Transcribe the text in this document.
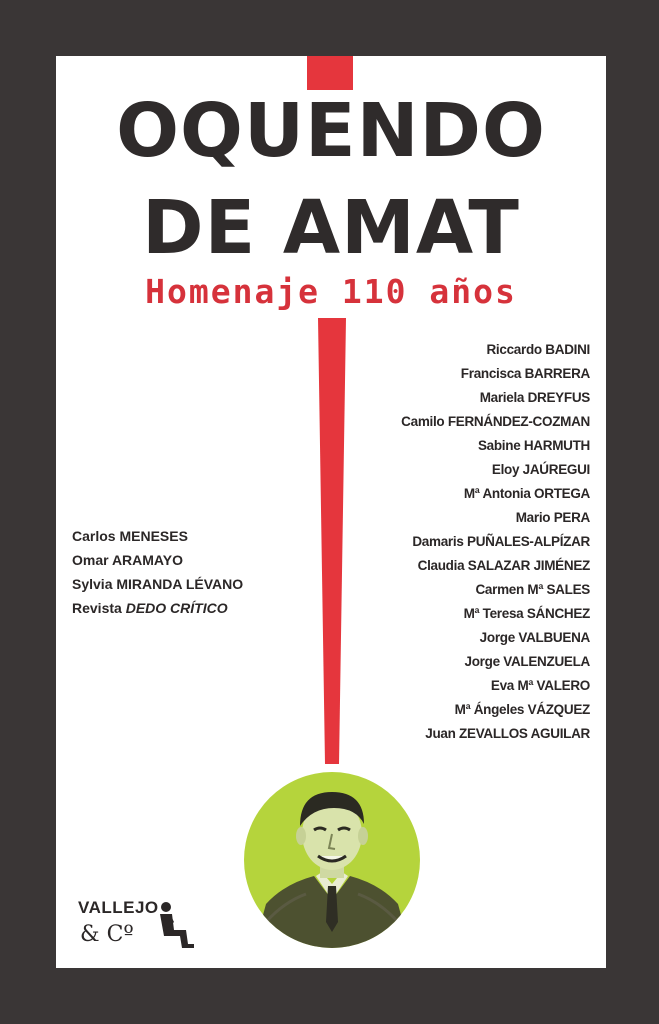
OQUENDO
DE AMAT
Homenaje 110 años
Riccardo BADINI
Francisca BARRERA
Mariela DREYFUS
Camilo FERNÁNDEZ-COZMAN
Sabine HARMUTH
Eloy JAÚREGUI
Mª Antonia ORTEGA
Mario PERA
Damaris PUÑALES-ALPÍZAR
Claudia SALAZAR JIMÉNEZ
Carmen Mª SALES
Mª Teresa SÁNCHEZ
Jorge VALBUENA
Jorge VALENZUELA
Eva Mª VALERO
Mª Ángeles VÁZQUEZ
Juan ZEVALLOS AGUILAR
Carlos MENESES
Omar ARAMAYO
Sylvia MIRANDA LÉVANO
Revista DEDO CRÍTICO
VALLEJO
& Cº
